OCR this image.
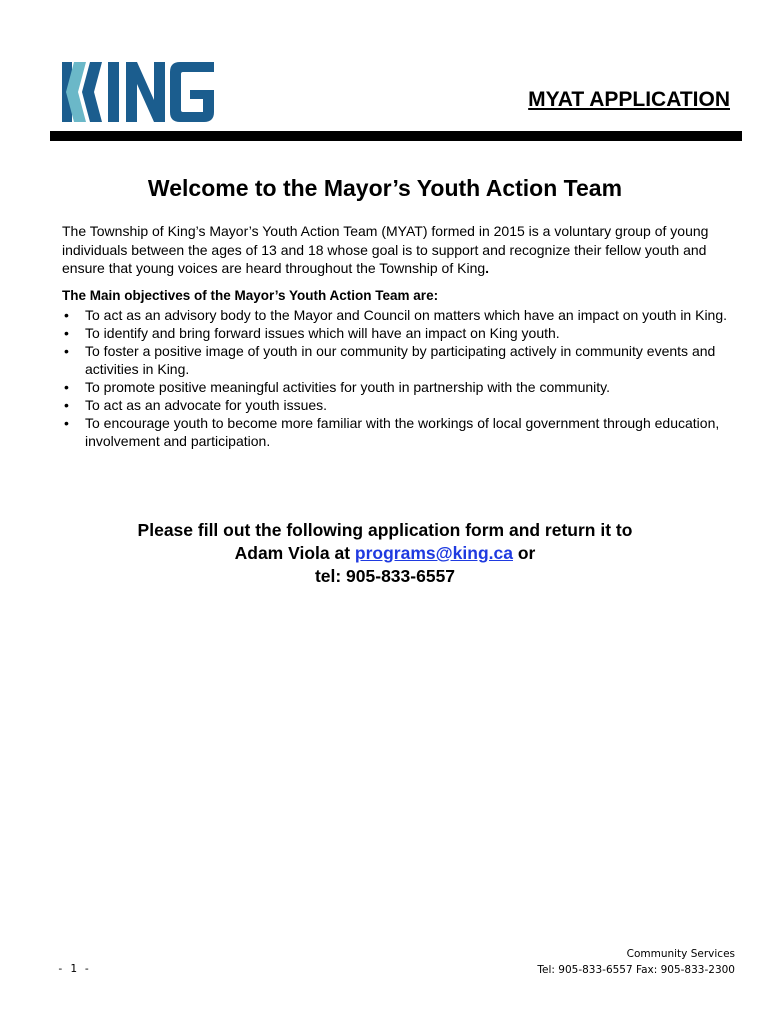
MYAT APPLICATION
Welcome to the Mayor’s Youth Action Team

The Township of King’s Mayor’s Youth Action Team (MYAT) formed in 2015 is a voluntary group of young individuals between the ages of 13 and 18 whose goal is to support and recognize their fellow youth and ensure that young voices are heard throughout the Township of King.

The Main objectives of the Mayor’s Youth Action Team are:
• To act as an advisory body to the Mayor and Council on matters which have an impact on youth in King.
• To identify and bring forward issues which will have an impact on King youth.
• To foster a positive image of youth in our community by participating actively in community events and activities in King.
• To promote positive meaningful activities for youth in partnership with the community.
• To act as an advocate for youth issues.
• To encourage youth to become more familiar with the workings of local government through education, involvement and participation.
Please fill out the following application form and return it to
Adam Viola at programs@king.ca or
tel: 905-833-6557
- 1 -
Community Services
Tel: 905-833-6557 Fax: 905-833-2300
